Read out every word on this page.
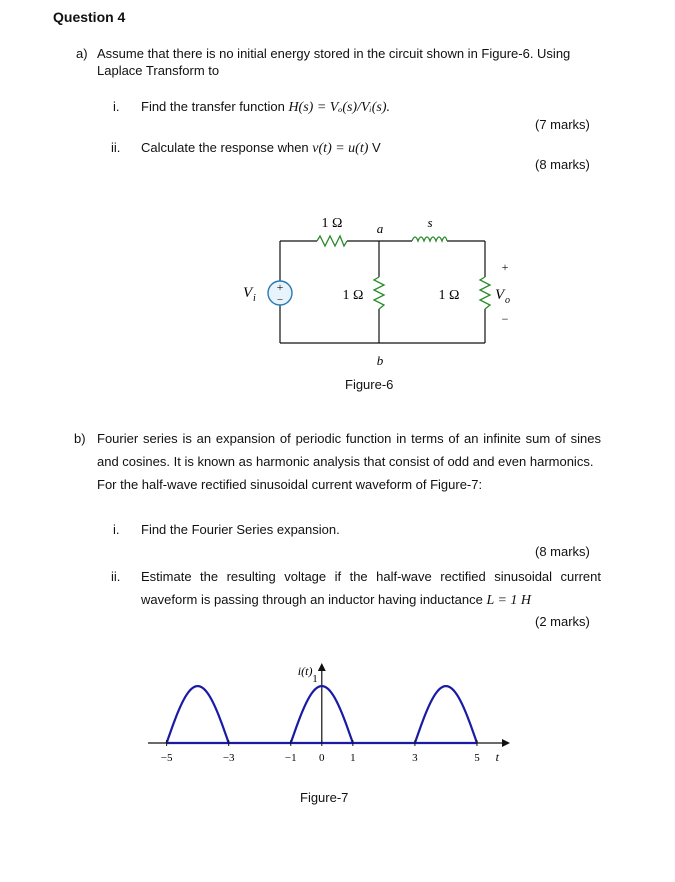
Question 4
a) Assume that there is no initial energy stored in the circuit shown in Figure-6. Using
Laplace Transform to
i. Find the transfer function H(s) = Vₒ(s)/Vᵢ(s).
(7 marks)
ii. Calculate the response when v(t) = u(t) V
(8 marks)
+
−
1 Ω	a	s
V i	1 Ω	1 Ω
+
V o
−
b
Figure-6
b) Fourier series is an expansion of periodic function in terms of an infinite sum of sines
and cosines. It is known as harmonic analysis that consist of odd and even harmonics.
For the half-wave rectified sinusoidal current waveform of Figure-7:
i. Find the Fourier Series expansion.
(8 marks)
ii. Estimate the resulting voltage if the half-wave rectified sinusoidal current
waveform is passing through an inductor having inductance L = 1 H
(2 marks)
−5	−3	−1 0 1	3	5
1
i(t)
t
Figure-7
